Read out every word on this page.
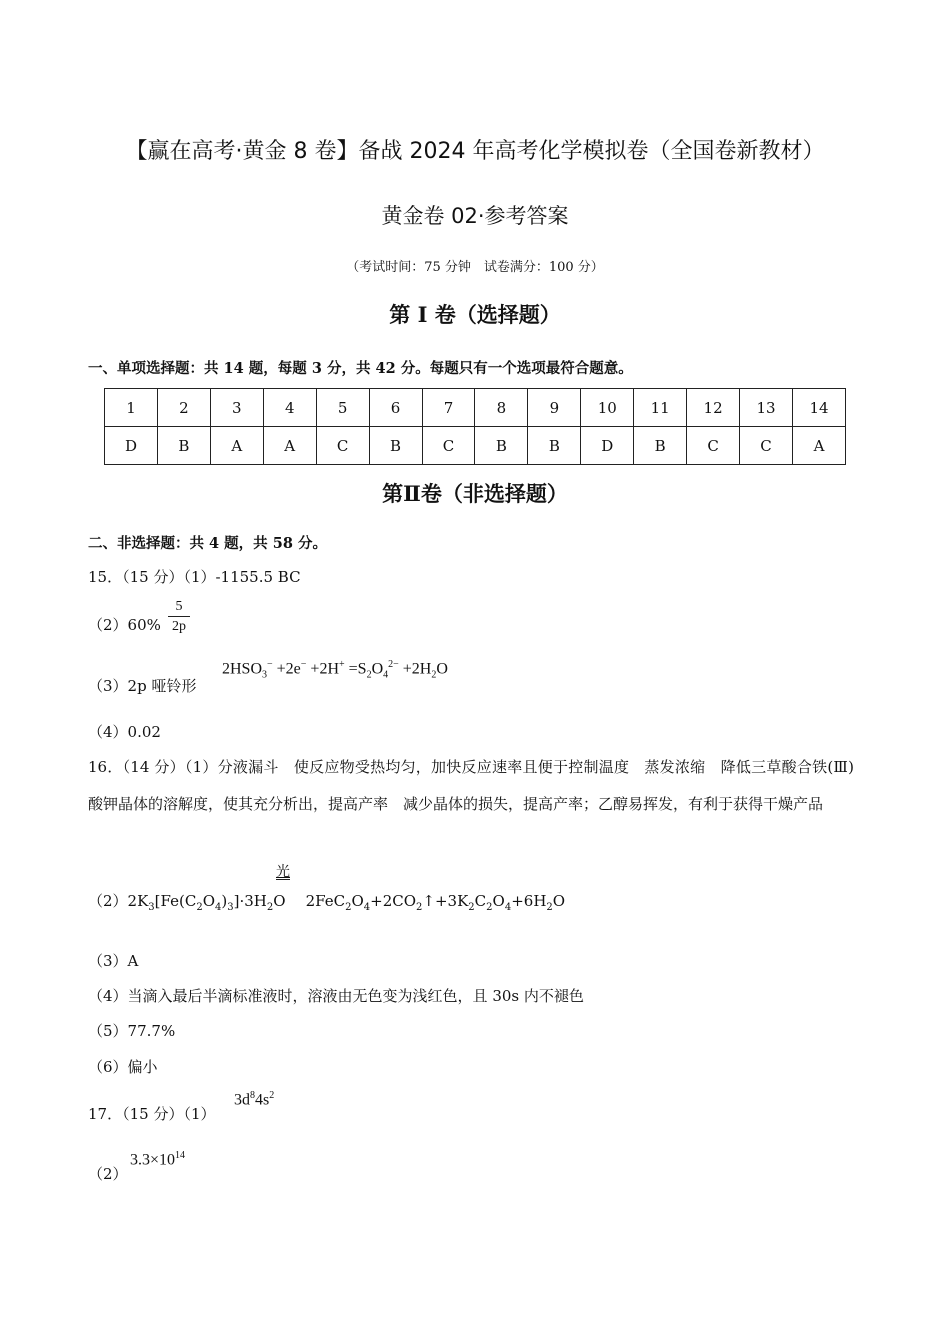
【赢在高考·黄金 8 卷】备战 2024 年高考化学模拟卷（全国卷新教材）
黄金卷 02·参考答案
（考试时间：75 分钟　试卷满分：100 分）
第 I 卷（选择题）
一、单项选择题：共 14 题，每题 3 分，共 42 分。每题只有一个选项最符合题意。
1	2	3	4	5	6	7	8	9	10	11	12	13	14
D	B	A	A	C	B	C	B	B	D	B	C	C	A
第Ⅱ卷（非选择题）
二、非选择题：共 4 题，共 58 分。
15．（15 分）（1）-1155.5 BC
$(2)60\% \frac{5}{2p}$
（3）2p 哑铃形
$2HSO_3^- +2e^- +2H^+ =S_2O_4^{2-} +2H_2O$
（4）0.02
16．（14 分）（1）分液漏斗　使反应物受热均匀，加快反应速率且便于控制温度　蒸发浓缩　降低三草酸合铁(Ⅲ)酸钾晶体的溶解度，使其充分析出，提高产率　减少晶体的损失，提高产率；乙醇易挥发，有利于获得干燥产品
$(2)2K_3[Fe(C_2O_4)_3]\cdot 3H_2O$ $2FeC_2O_4+2CO_2↑+3K_2C_2O_4+6H_2O$
光
（3）A
（4）当滴入最后半滴标准液时，溶液由无色变为浅红色，且 30s 内不褪色
（5）77.7%
（6）偏小
17．（15 分）（1）
$3d^84s^2$
（2）
$3.3\times 10^{14}$
